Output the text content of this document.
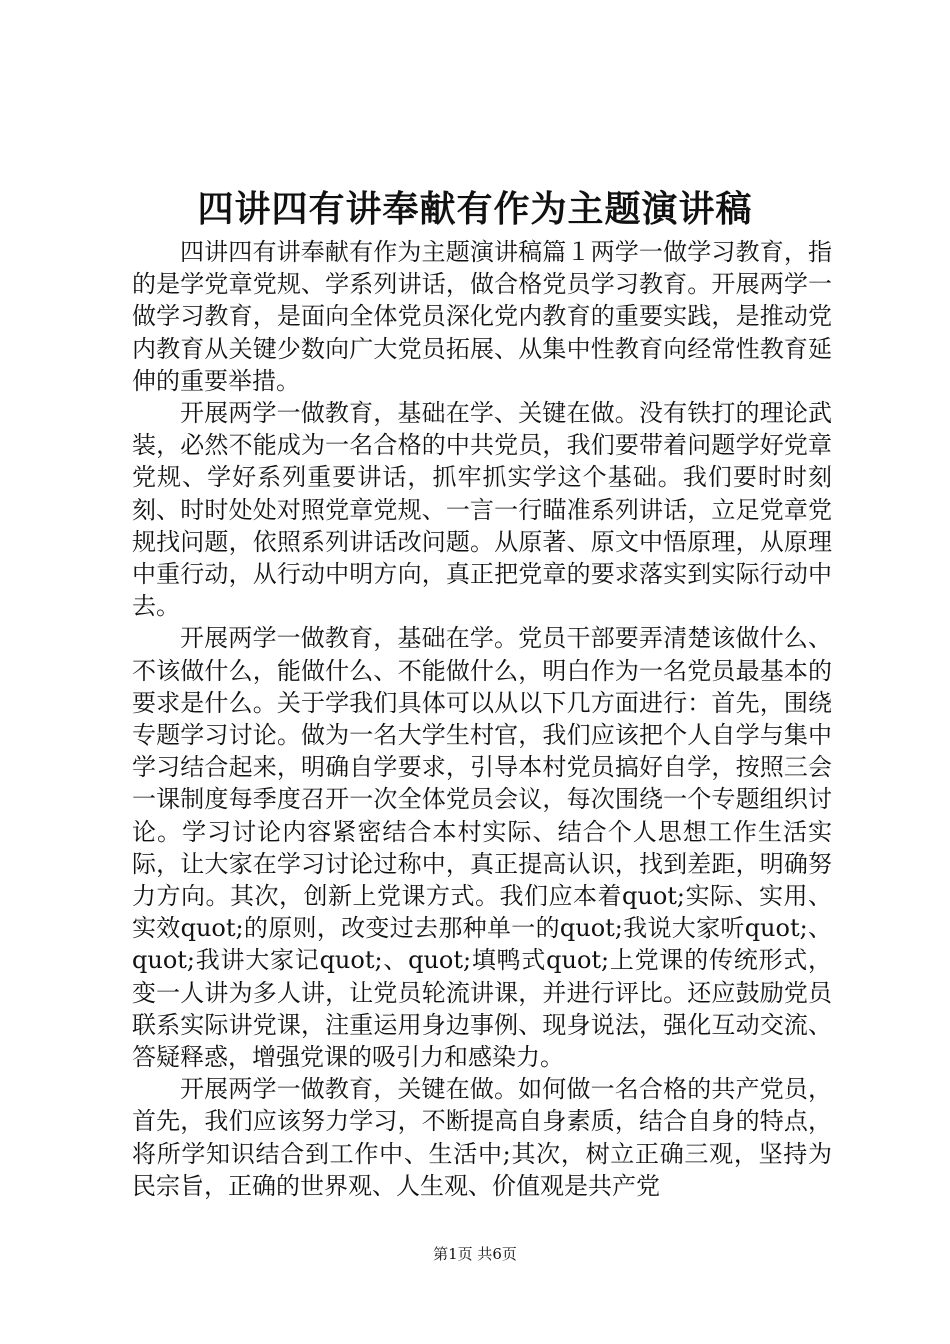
四讲四有讲奉献有作为主题演讲稿

四讲四有讲奉献有作为主题演讲稿篇１两学一做学习教育，指的是学党章党规、学系列讲话，做合格党员学习教育。开展两学一做学习教育，是面向全体党员深化党内教育的重要实践，是推动党内教育从关键少数向广大党员拓展、从集中性教育向经常性教育延伸的重要举措。

开展两学一做教育，基础在学、关键在做。没有铁打的理论武装，必然不能成为一名合格的中共党员，我们要带着问题学好党章党规、学好系列重要讲话，抓牢抓实学这个基础。我们要时时刻刻、时时处处对照党章党规、一言一行瞄准系列讲话，立足党章党规找问题，依照系列讲话改问题。从原著、原文中悟原理，从原理中重行动，从行动中明方向，真正把党章的要求落实到实际行动中去。

开展两学一做教育，基础在学。党员干部要弄清楚该做什么、不该做什么，能做什么、不能做什么，明白作为一名党员最基本的要求是什么。关于学我们具体可以从以下几方面进行：首先，围绕专题学习讨论。做为一名大学生村官，我们应该把个人自学与集中学习结合起来，明确自学要求，引导本村党员搞好自学，按照三会一课制度每季度召开一次全体党员会议，每次围绕一个专题组织讨论。学习讨论内容紧密结合本村实际、结合个人思想工作生活实际，让大家在学习讨论过称中，真正提高认识，找到差距，明确努力方向。其次，创新上党课方式。我们应本着quot;实际、实用、实效quot;的原则，改变过去那种单一的quot;我说大家听quot;、quot;我讲大家记quot;、quot;填鸭式quot;上党课的传统形式，变一人讲为多人讲，让党员轮流讲课，并进行评比。还应鼓励党员联系实际讲党课，注重运用身边事例、现身说法，强化互动交流、答疑释惑，增强党课的吸引力和感染力。

开展两学一做教育，关键在做。如何做一名合格的共产党员，首先，我们应该努力学习，不断提高自身素质，结合自身的特点，将所学知识结合到工作中、生活中;其次，树立正确三观，坚持为民宗旨，正确的世界观、人生观、价值观是共产党

第1页 共6页
